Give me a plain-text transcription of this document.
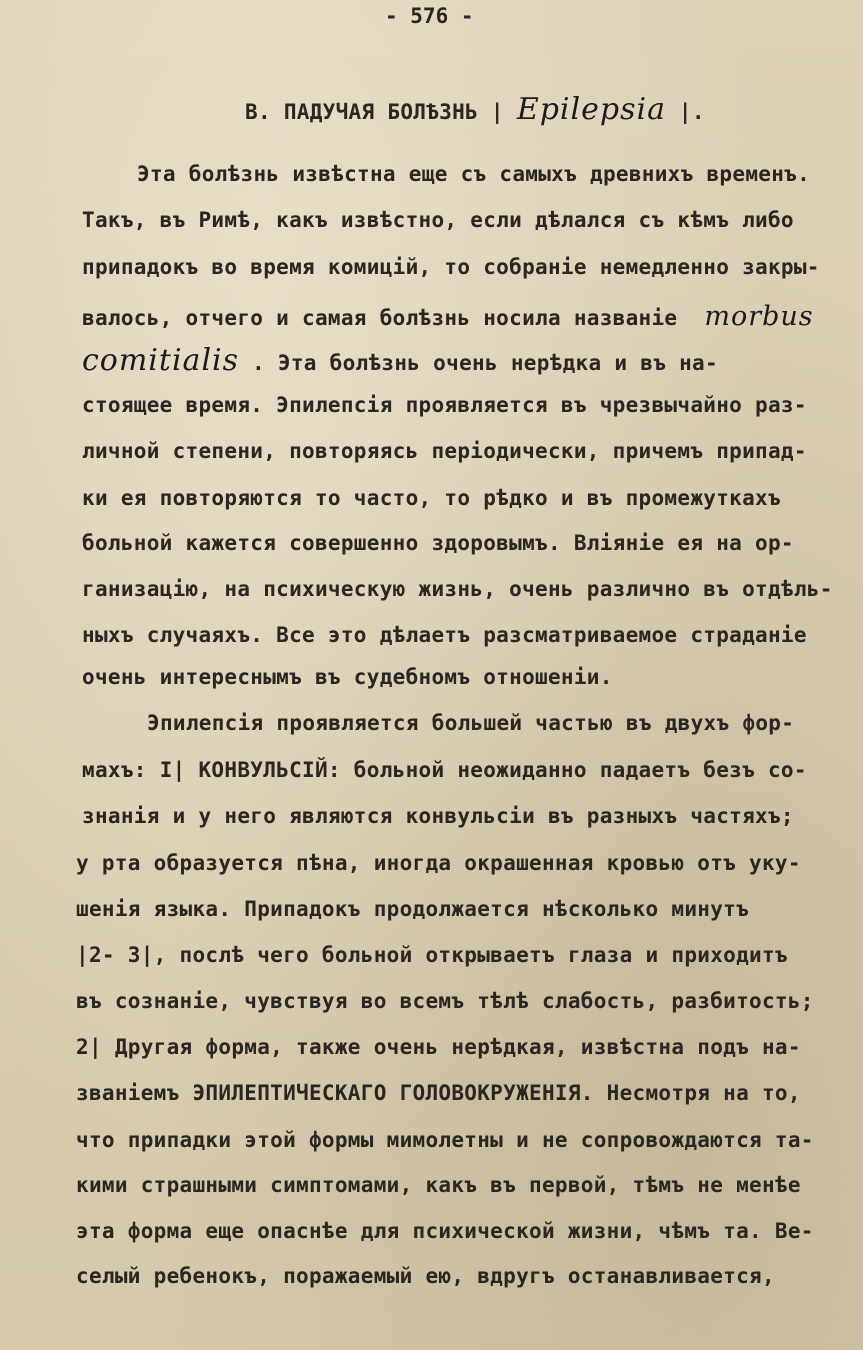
- 576 -
В. ПАДУЧАЯ БОЛѢЗНЬ | Epilepsia |.
Эта болѣзнь извѣстна еще съ самыхъ древнихъ временъ.
Такъ, въ Римѣ, какъ извѣстно, если дѣлался съ кѣмъ либо
припадокъ во время комицій, то собраніе немедленно закры-
валось, отчего и самая болѣзнь носила названіе morbus
comitialis . Эта болѣзнь очень нерѣдка и въ на-
стоящее время. Эпилепсія проявляется въ чрезвычайно раз-
личной степени, повторяясь періодически, причемъ припад-
ки ея повторяются то часто, то рѣдко и въ промежуткахъ
больной кажется совершенно здоровымъ. Вліяніе ея на ор-
ганизацію, на психическую жизнь, очень различно въ отдѣль-
ныхъ случаяхъ. Все это дѣлаетъ разсматриваемое страданіе
очень интереснымъ въ судебномъ отношеніи.
Эпилепсія проявляется большей частью въ двухъ фор-
махъ: I| КОНВУЛЬСІЙ: больной неожиданно падаетъ безъ со-
знанія и у него являются конвульсіи въ разныхъ частяхъ;
у рта образуется пѣна, иногда окрашенная кровью отъ уку-
шенія языка. Припадокъ продолжается нѣсколько минутъ
|2- 3|, послѣ чего больной открываетъ глаза и приходитъ
въ сознаніе, чувствуя во всемъ тѣлѣ слабость, разбитость;
2| Другая форма, также очень нерѣдкая, извѣстна подъ на-
званіемъ ЭПИЛЕПТИЧЕСКАГО ГОЛОВОКРУЖЕНІЯ. Несмотря на то,
что припадки этой формы мимолетны и не сопровождаются та-
кими страшными симптомами, какъ въ первой, тѣмъ не менѣе
эта форма еще опаснѣе для психической жизни, чѣмъ та. Ве-
селый ребенокъ, поражаемый ею, вдругъ останавливается,
